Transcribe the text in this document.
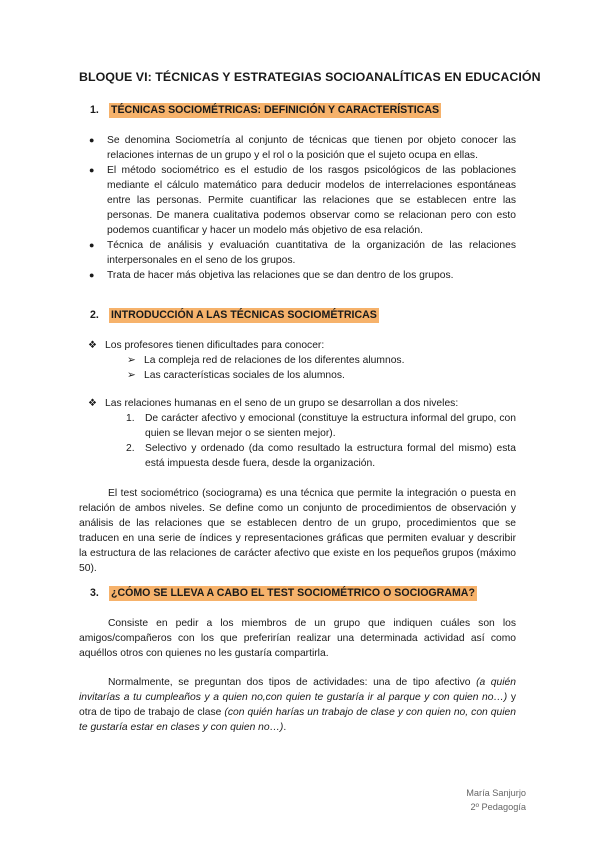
BLOQUE VI: TÉCNICAS Y ESTRATEGIAS SOCIOANALÍTICAS EN EDUCACIÓN
1. TÉCNICAS SOCIOMÉTRICAS: DEFINICIÓN Y CARACTERÍSTICAS
● Se denomina Sociometría al conjunto de técnicas que tienen por objeto conocer las relaciones internas de un grupo y el rol o la posición que el sujeto ocupa en ellas.
● El método sociométrico es el estudio de los rasgos psicológicos de las poblaciones mediante el cálculo matemático para deducir modelos de interrelaciones espontáneas entre las personas. Permite cuantificar las relaciones que se establecen entre las personas. De manera cualitativa podemos observar como se relacionan pero con esto podemos cuantificar y hacer un modelo más objetivo de esa relación.
● Técnica de análisis y evaluación cuantitativa de la organización de las relaciones interpersonales en el seno de los grupos.
● Trata de hacer más objetiva las relaciones que se dan dentro de los grupos.
2. INTRODUCCIÓN A LAS TÉCNICAS SOCIOMÉTRICAS
❖ Los profesores tienen dificultades para conocer:
➢ La compleja red de relaciones de los diferentes alumnos.
➢ Las características sociales de los alumnos.
❖ Las relaciones humanas en el seno de un grupo se desarrollan a dos niveles:
1. De carácter afectivo y emocional (constituye la estructura informal del grupo, con quien se llevan mejor o se sienten mejor).
2. Selectivo y ordenado (da como resultado la estructura formal del mismo) esta está impuesta desde fuera, desde la organización.

El test sociométrico (sociograma) es una técnica que permite la integración o puesta en relación de ambos niveles. Se define como un conjunto de procedimientos de observación y análisis de las relaciones que se establecen dentro de un grupo, procedimientos que se traducen en una serie de índices y representaciones gráficas que permiten evaluar y describir la estructura de las relaciones de carácter afectivo que existe en los pequeños grupos (máximo 50).

3. ¿CÓMO SE LLEVA A CABO EL TEST SOCIOMÉTRICO O SOCIOGRAMA?

Consiste en pedir a los miembros de un grupo que indiquen cuáles son los amigos/compañeros con los que preferirían realizar una determinada actividad así como aquéllos otros con quienes no les gustaría compartirla.

Normalmente, se preguntan dos tipos de actividades: una de tipo afectivo (a quién invitarías a tu cumpleaños y a quien no,con quien te gustaría ir al parque y con quien no…) y otra de tipo de trabajo de clase (con quién harías un trabajo de clase y con quien no, con quien te gustaría estar en clases y con quien no…).

María Sanjurjo
2º Pedagogía
